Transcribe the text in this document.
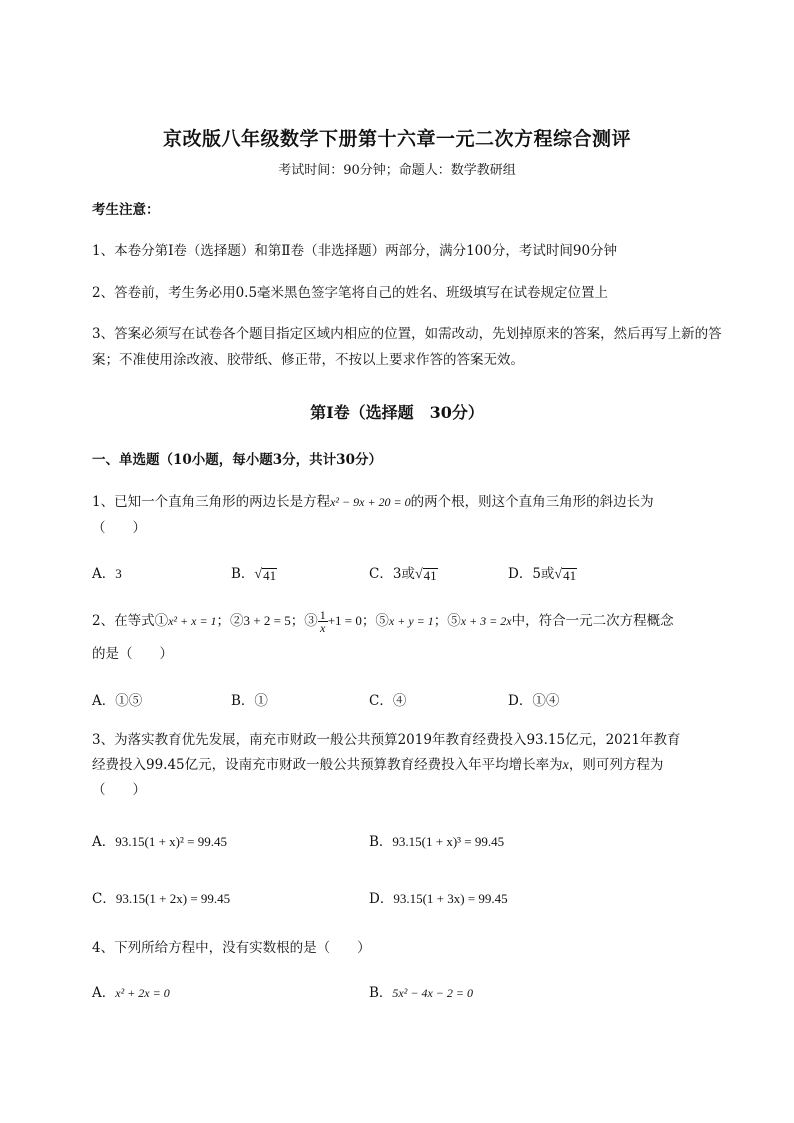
京改版八年级数学下册第十六章一元二次方程综合测评
考试时间：90分钟；命题人：数学教研组
考生注意：
1、本卷分第Ⅰ卷（选择题）和第Ⅱ卷（非选择题）两部分，满分100分，考试时间90分钟
2、答卷前，考生务必用0.5毫米黑色签字笔将自己的姓名、班级填写在试卷规定位置上
3、答案必须写在试卷各个题目指定区域内相应的位置，如需改动，先划掉原来的答案，然后再写上新的答案；不准使用涂改液、胶带纸、修正带，不按以上要求作答的答案无效。
第Ⅰ卷（选择题　30分）
一、单选题（10小题，每小题3分，共计30分）
1、已知一个直角三角形的两边长是方程x² − 9x + 20 = 0的两个根，则这个直角三角形的斜边长为
（　　）
A．3	B． √ 41	C．3或 √ 41	D．5或 √ 41
2、在等式①x² + x = 1；②3 + 2 = 5；③ $\frac{1}{x} +1 = 0$；⑤x + y = 1；⑤x + 3 = 2x中，符合一元二次方程概念
的是（　　）
A．①⑤	B．①	C．④	D．①④
3、为落实教育优先发展，南充市财政一般公共预算2019年教育经费投入93.15亿元，2021年教育
经费投入99.45亿元，设南充市财政一般公共预算教育经费投入年平均增长率为x，则可列方程为
（　　）
A．93.15(1 + x)² = 99.45	B．93.15(1 + x)³ = 99.45
C．93.15(1 + 2x) = 99.45	D．93.15(1 + 3x) = 99.45
4、下列所给方程中，没有实数根的是（　　）
A．x² + 2x = 0	B．5x² − 4x − 2 = 0
